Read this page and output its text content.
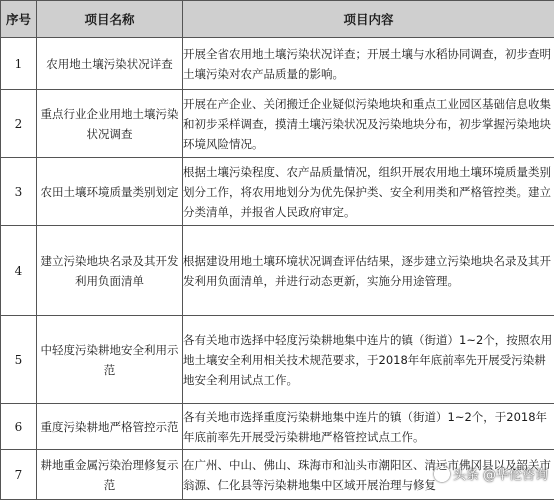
序号	项目名称	项目内容
1	农用地土壤污染状况详查	开展全省农用地土壤污染状况详查；开展土壤与水稻协同调查，初步查明土壤污染对农产品质量的影响。
2	重点行业企业用地土壤污染状况调查	开展在产企业、关闭搬迁企业疑似污染地块和重点工业园区基础信息收集和初步采样调查，摸清土壤污染状况及污染地块分布，初步掌握污染地块环境风险情况。
3	农田土壤环境质量类别划定	根据土壤污染程度、农产品质量情况，组织开展农用地土壤环境质量类别划分工作，将农用地划分为优先保护类、安全利用类和严格管控类。建立分类清单，并报省人民政府审定。
4	建立污染地块名录及其开发利用负面清单	根据建设用地土壤环境状况调查评估结果，逐步建立污染地块名录及其开发利用负面清单，并进行动态更新，实施分用途管理。
5	中轻度污染耕地安全利用示范	各有关地市选择中轻度污染耕地集中连片的镇（街道）1~2个，按照农用地土壤安全利用相关技术规范要求，于2018年年底前率先开展受污染耕地安全利用试点工作。
6	重度污染耕地严格管控示范	各有关地市选择重度污染耕地集中连片的镇（街道）1~2个，于2018年年底前率先开展受污染耕地严格管控试点工作。
7	耕地重金属污染治理修复示范	在广州、中山、佛山、珠海市和汕头市潮阳区、清远市佛冈县以及韶关市翁源、仁化县等污染耕地集中区域开展治理与修复
头条 @华伦咨询
